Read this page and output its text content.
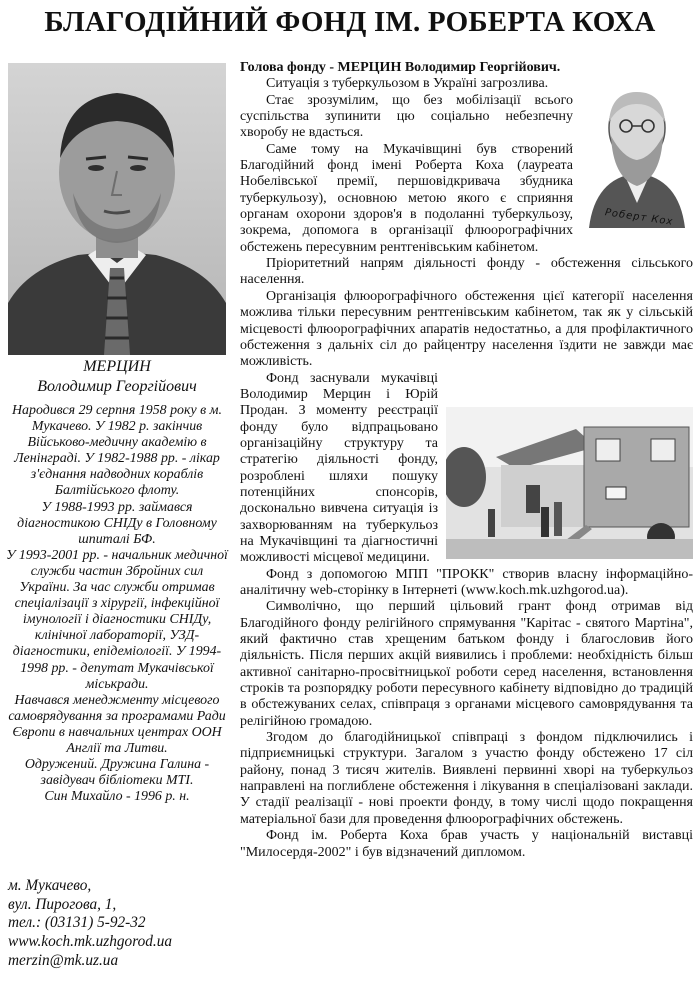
БЛАГОДІЙНИЙ ФОНД ІМ. РОБЕРТА КОХА
МЕРЦИН
Володимир Георгійович

Народився 29 серпня 1958 року в м. Мукачево. У 1982 р. закінчив Військово-медичну академію в Ленінграді. У 1982-1988 рр. - лікар з'єднання надводних кораблів Балтійського флоту.

У 1988-1993 рр. займався діагностикою СНІДу в Головному шпиталі БФ.

У 1993-2001 рр. - начальник медичної служби частин Збройних сил України. За час служби отримав спеціалізації з хірургії, інфекційної імунології і діагностики СНІДу, клінічної лабораторії, УЗД-діагностики, епідеміології. У 1994-1998 рр. - депутат Мукачівської міськради.

Навчався менеджменту місцевого самоврядування за програмами Ради Європи в навчальних центрах ООН Англії та Литви.

Одружений. Дружина Галина - завідувач бібліотеки МТІ.

Син Михайло - 1996 р. н.

м. Мукачево,
вул. Пирогова, 1,
тел.: (03131) 5-92-32
www.koch.mk.uzhgorod.ua
merzin@mk.uz.ua

Голова фонду - МЕРЦИН Володимир Георгійович.

Роберт Кох

Ситуація з туберкульозом в Україні загрозлива.

Стає зрозумілим, що без мобілізації всього суспільства зупинити цю соціально небезпечну хворобу не вдасться.

Саме тому на Мукачівщині був створений Благодійний фонд імені Роберта Коха (лауреата Нобелівської премії, першовідкривача збудника туберкульозу), основною метою якого є сприяння органам охорони здоров'я в подоланні туберкульозу, зокрема, допомога в організації флюорографічних обстежень пересувним рентгенівським кабінетом.

Пріоритетний напрям діяльності фонду - обстеження сільського населення.

Організація флюорографічного обстеження цієї категорії населення можлива тільки пересувним рентгенівським кабінетом, так як у сільській місцевості флюорографічних апаратів недостатньо, а для профілактичного обстеження з дальніх сіл до райцентру населення їздити не завжди має можливість.

Фонд заснували мукачівці Володимир Мерцин і Юрій Продан. З моменту реєстрації фонду було відпрацьовано організаційну структуру та стратегію діяльності фонду, розроблені шляхи пошуку потенційних спонсорів, досконально вивчена ситуація із захворюванням на туберкульоз на Мукачівщині та діагностичні можливості місцевої медицини.

Фонд з допомогою МПП "ПРОКК" створив власну інформаційно-аналітичну web-сторінку в Інтернеті (www.koch.mk.uzhgorod.ua).

Символічно, що перший цільовий грант фонд отримав від Благодійного фонду релігійного спрямування "Карітас - святого Мартіна", який фактично став хрещеним батьком фонду і благословив його діяльність. Після перших акцій виявились і проблеми: необхідність більш активної санітарно-просвітницької роботи серед населення, встановлення строків та розпорядку роботи пересувного кабінету відповідно до традицій в обстежуваних селах, співпраця з органами місцевого самоврядування та релігійною громадою.

Згодом до благодійницької співпраці з фондом підключились і підприємницькі структури. Загалом з участю фонду обстежено 17 сіл району, понад 3 тисяч жителів. Виявлені первинні хворі на туберкульоз направлені на поглиблене обстеження і лікування в спеціалізовані заклади. У стадії реалізації - нові проекти фонду, в тому числі щодо покращення матеріальної бази для проведення флюорографічних обстежень.

Фонд ім. Роберта Коха брав участь у національній виставці "Милосердя-2002" і був відзначений дипломом.
